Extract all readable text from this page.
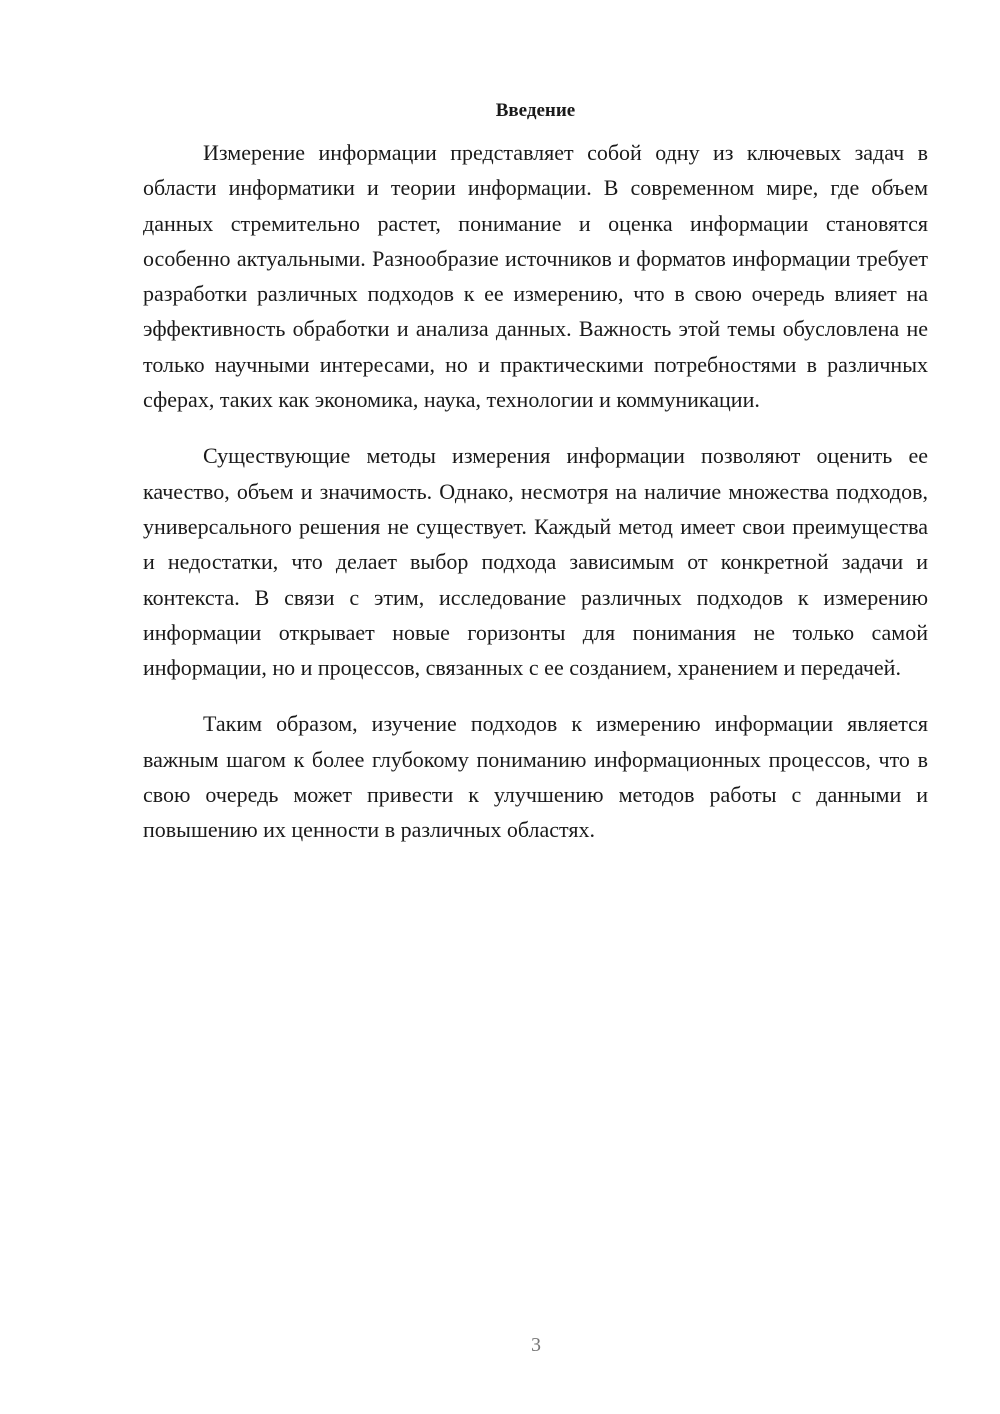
Введение

Измерение информации представляет собой одну из ключевых задач в области информатики и теории информации. В современном мире, где объем данных стремительно растет, понимание и оценка информации становятся особенно актуальными. Разнообразие источников и форматов информации требует разработки различных подходов к ее измерению, что в свою очередь влияет на эффективность обработки и анализа данных. Важность этой темы обусловлена не только научными интересами, но и практическими потребностями в различных сферах, таких как экономика, наука, технологии и коммуникации.

Существующие методы измерения информации позволяют оценить ее качество, объем и значимость. Однако, несмотря на наличие множества подходов, универсального решения не существует. Каждый метод имеет свои преимущества и недостатки, что делает выбор подхода зависимым от конкретной задачи и контекста. В связи с этим, исследование различных подходов к измерению информации открывает новые горизонты для понимания не только самой информации, но и процессов, связанных с ее созданием, хранением и передачей.

Таким образом, изучение подходов к измерению информации является важным шагом к более глубокому пониманию информационных процессов, что в свою очередь может привести к улучшению методов работы с данными и повышению их ценности в различных областях.

3
